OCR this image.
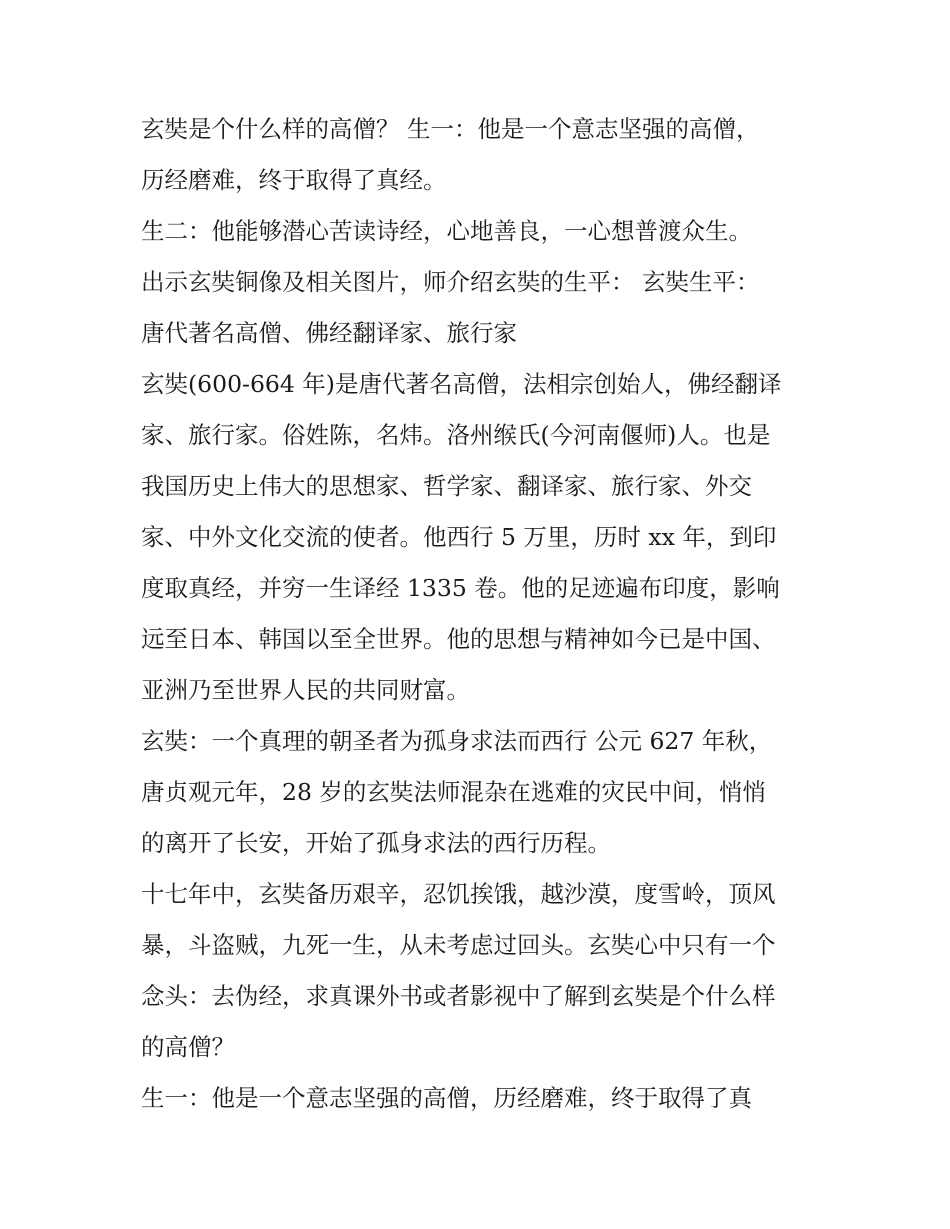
玄奘是个什么样的高僧？ 生一：他是一个意志坚强的高僧，
历经磨难，终于取得了真经。
生二：他能够潜心苦读诗经，心地善良，一心想普渡众生。
出示玄奘铜像及相关图片，师介绍玄奘的生平： 玄奘生平：
唐代著名高僧、佛经翻译家、旅行家
玄奘(600-664 年)是唐代著名高僧，法相宗创始人，佛经翻译
家、旅行家。俗姓陈，名炜。洛州缑氏(今河南偃师)人。也是
我国历史上伟大的思想家、哲学家、翻译家、旅行家、外交
家、中外文化交流的使者。他西行 5 万里，历时 xx 年，到印
度取真经，并穷一生译经 1335 卷。他的足迹遍布印度，影响
远至日本、韩国以至全世界。他的思想与精神如今已是中国、
亚洲乃至世界人民的共同财富。
玄奘：一个真理的朝圣者为孤身求法而西行 公元 627 年秋，
唐贞观元年，28 岁的玄奘法师混杂在逃难的灾民中间，悄悄
的离开了长安，开始了孤身求法的西行历程。
十七年中，玄奘备历艰辛，忍饥挨饿，越沙漠，度雪岭，顶风
暴，斗盗贼，九死一生，从未考虑过回头。玄奘心中只有一个
念头：去伪经，求真课外书或者影视中了解到玄奘是个什么样
的高僧？
生一：他是一个意志坚强的高僧，历经磨难，终于取得了真
